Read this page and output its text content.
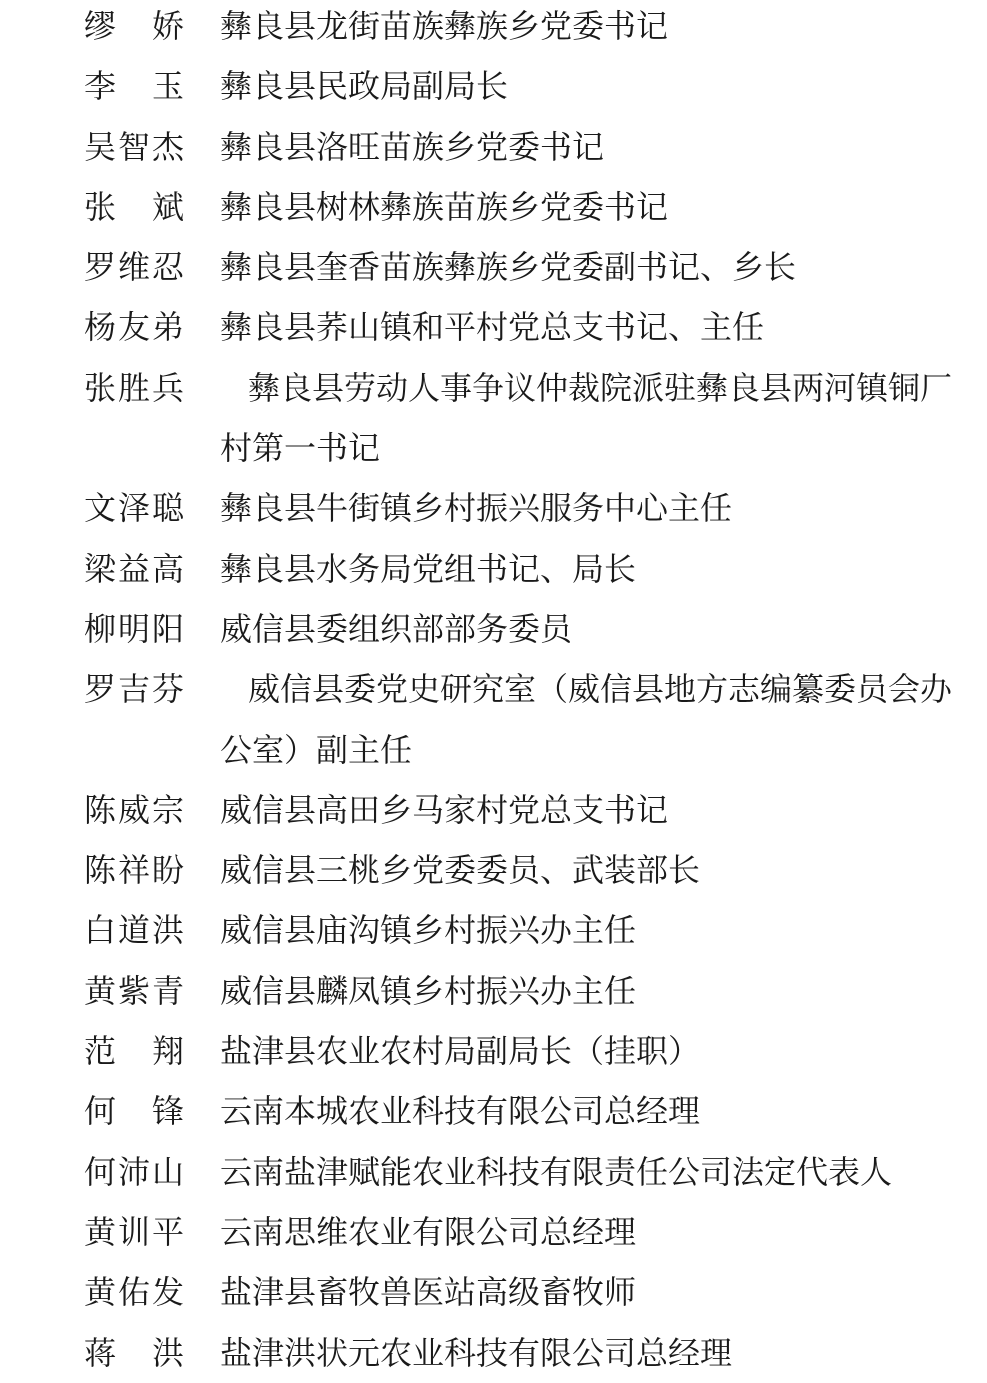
缪　娇 彝良县龙街苗族彝族乡党委书记
李　玉 彝良县民政局副局长
吴智杰 彝良县洛旺苗族乡党委书记
张　斌 彝良县树林彝族苗族乡党委书记
罗维忍 彝良县奎香苗族彝族乡党委副书记、乡长
杨友弟 彝良县荞山镇和平村党总支书记、主任
张胜兵	彝良县劳动人事争议仲裁院派驻彝良县两河镇铜厂村第一书记
文泽聪 彝良县牛街镇乡村振兴服务中心主任
梁益高 彝良县水务局党组书记、局长
柳明阳 威信县委组织部部务委员
罗吉芬	威信县委党史研究室（威信县地方志编纂委员会办公室）副主任
陈威宗 威信县高田乡马家村党总支书记
陈祥盼 威信县三桃乡党委委员、武装部长
白道洪 威信县庙沟镇乡村振兴办主任
黄紫青 威信县麟凤镇乡村振兴办主任
范　翔 盐津县农业农村局副局长（挂职）
何　锋 云南本城农业科技有限公司总经理
何沛山 云南盐津赋能农业科技有限责任公司法定代表人
黄训平 云南思维农业有限公司总经理
黄佑发 盐津县畜牧兽医站高级畜牧师
蒋　洪 盐津洪状元农业科技有限公司总经理
